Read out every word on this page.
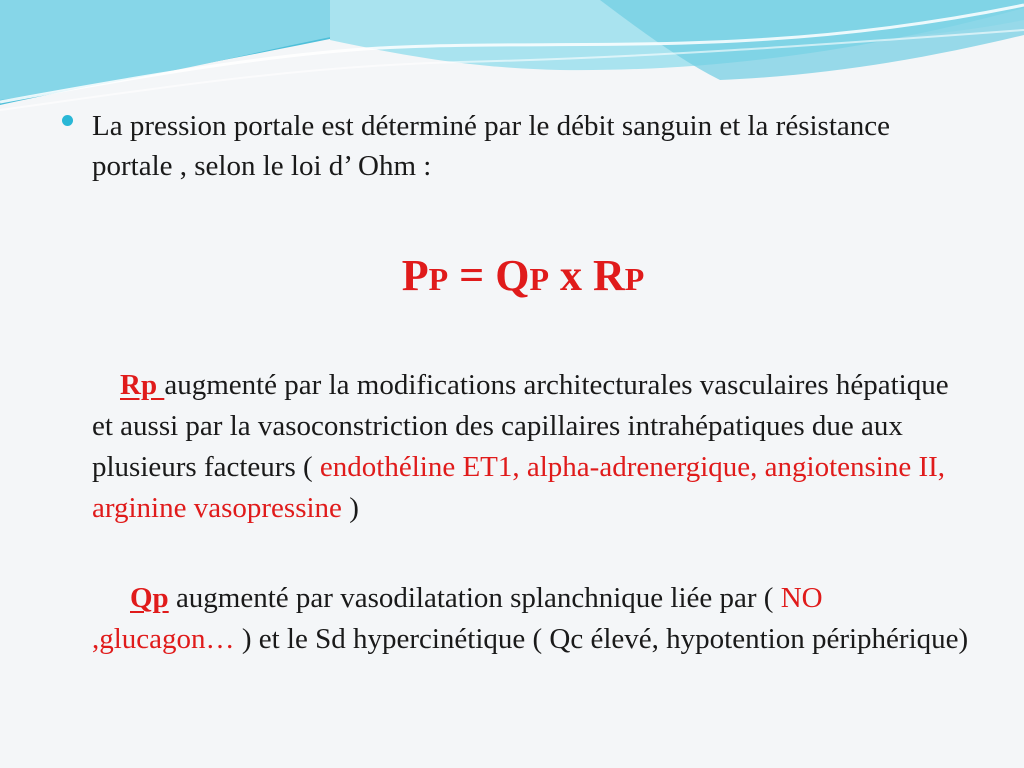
La pression portale est déterminé par le débit sanguin et la résistance portale , selon le loi d’ Ohm :
PP = QP x RP
Rp augmenté par la modifications architecturales vasculaires hépatique et aussi par la vasoconstriction des capillaires intrahépatiques due aux plusieurs facteurs ( endothéline ET1, alpha-adrenergique, angiotensine II, arginine vasopressine )
Qp augmenté par vasodilatation splanchnique liée par ( NO ,glucagon… ) et le Sd hypercinétique ( Qc élevé, hypotention périphérique)
